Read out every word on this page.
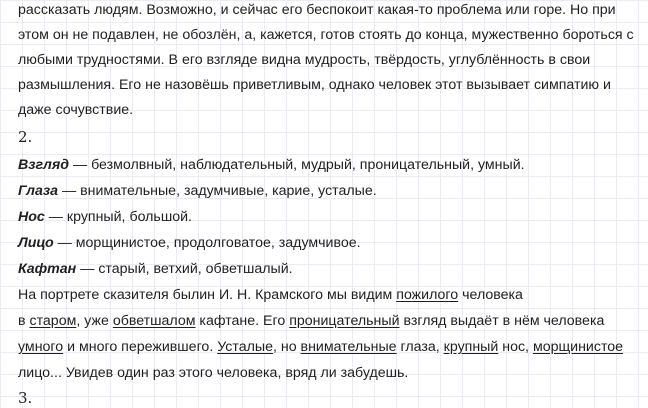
рассказать людям. Возможно, и сейчас его беспокоит какая-то проблема или горе. Но при
этом он не подавлен, не обозлён, а, кажется, готов стоять до конца, мужественно бороться с
любыми трудностями. В его взгляде видна мудрость, твёрдость, углублённость в свои
размышления. Его не назовёшь приветливым, однако человек этот вызывает симпатию и
даже сочувствие.
2.
Взгляд — безмолвный, наблюдательный, мудрый, проницательный, умный.
Глаза — внимательные, задумчивые, карие, усталые.
Нос — крупный, большой.
Лицо — морщинистое, продолговатое, задумчивое.
Кафтан — старый, ветхий, обветшалый.
На портрете сказителя былин И. Н. Крамского мы видим пожилого человека
в старом, уже обветшалом кафтане. Его проницательный взгляд выдаёт в нём человека
умного и много пережившего. Усталые, но внимательные глаза, крупный нос, морщинистое
лицо... Увидев один раз этого человека, вряд ли забудешь.
3.
